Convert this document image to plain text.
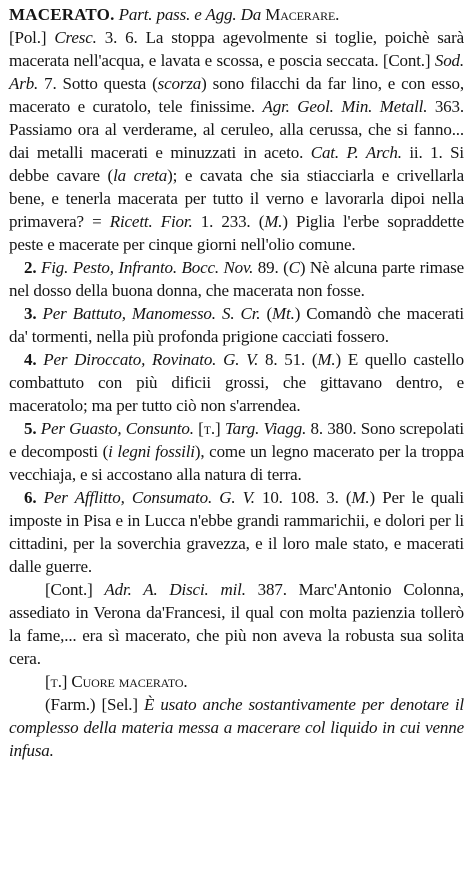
MACERATO. Part. pass. e Agg. Da Macerare.
[Pol.] Cresc. 3. 6. La stoppa agevolmente si toglie, poichè sarà macerata nell'acqua, e lavata e scossa, e poscia seccata. [Cont.] Sod. Arb. 7. Sotto questa (scorza) sono filacchi da far lino, e con esso, macerato e curatolo, tele finissime. Agr. Geol. Min. Metall. 363. Passiamo ora al verderame, al ceruleo, alla cerussa, che si fanno... dai metalli macerati e minuzzati in aceto. Cat. P. Arch. ii. 1. Si debbe cavare (la creta); e cavata che sia stiacciarla e crivellarla bene, e tenerla macerata per tutto il verno e lavorarla dipoi nella primavera? = Ricett. Fior. 1. 233. (M.) Piglia l'erbe sopraddette peste e macerate per cinque giorni nell'olio comune.

2. Fig. Pesto, Infranto. Bocc. Nov. 89. (C) Nè alcuna parte rimase nel dosso della buona donna, che macerata non fosse.

3. Per Battuto, Manomesso. S. Cr. (Mt.) Comandò che macerati da' tormenti, nella più profonda prigione cacciati fossero.

4. Per Diroccato, Rovinato. G. V. 8. 51. (M.) E quello castello combattuto con più dificii grossi, che gittavano dentro, e maceratolo; ma per tutto ciò non s'arrendea.

5. Per Guasto, Consunto. [t.] Targ. Viagg. 8. 380. Sono screpolati e decomposti (i legni fossili), come un legno macerato per la troppa vecchiaja, e si accostano alla natura di terra.

6. Per Afflitto, Consumato. G. V. 10. 108. 3. (M.) Per le quali imposte in Pisa e in Lucca n'ebbe grandi rammarichii, e dolori per li cittadini, per la soverchia gravezza, e il loro male stato, e macerati dalle guerre.

[Cont.] Adr. A. Disci. mil. 387. Marc'Antonio Colonna, assediato in Verona da'Francesi, il qual con molta pazienzia tollerò la fame,... era sì macerato, che più non aveva la robusta sua solita cera.

[t.] Cuore macerato.

(Farm.) [Sel.] È usato anche sostantivamente per denotare il complesso della materia messa a macerare col liquido in cui venne infusa.
